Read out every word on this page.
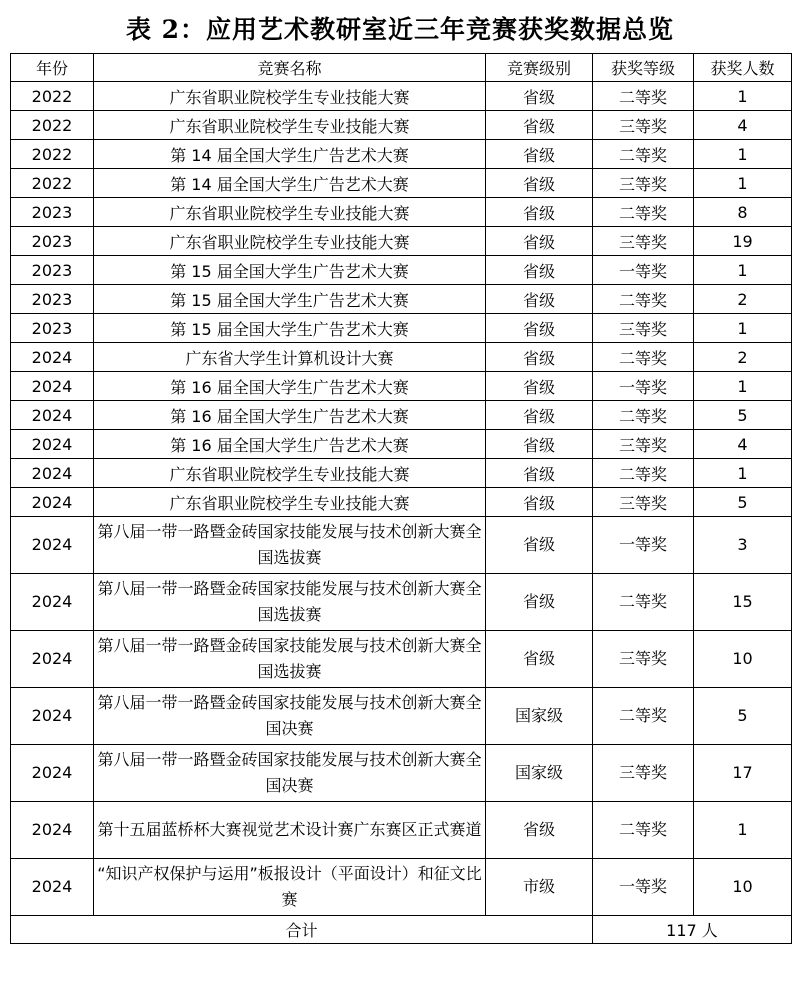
表 2：应用艺术教研室近三年竞赛获奖数据总览
年份	竞赛名称	竞赛级别	获奖等级	获奖人数
2022	广东省职业院校学生专业技能大赛	省级	二等奖	1
2022	广东省职业院校学生专业技能大赛	省级	三等奖	4
2022	第 14 届全国大学生广告艺术大赛	省级	二等奖	1
2022	第 14 届全国大学生广告艺术大赛	省级	三等奖	1
2023	广东省职业院校学生专业技能大赛	省级	二等奖	8
2023	广东省职业院校学生专业技能大赛	省级	三等奖	19
2023	第 15 届全国大学生广告艺术大赛	省级	一等奖	1
2023	第 15 届全国大学生广告艺术大赛	省级	二等奖	2
2023	第 15 届全国大学生广告艺术大赛	省级	三等奖	1
2024	广东省大学生计算机设计大赛	省级	二等奖	2
2024	第 16 届全国大学生广告艺术大赛	省级	一等奖	1
2024	第 16 届全国大学生广告艺术大赛	省级	二等奖	5
2024	第 16 届全国大学生广告艺术大赛	省级	三等奖	4
2024	广东省职业院校学生专业技能大赛	省级	二等奖	1
2024	广东省职业院校学生专业技能大赛	省级	三等奖	5
2024	第八届一带一路暨金砖国家技能发展与技术创新大赛全国选拔赛	省级	一等奖	3
2024	第八届一带一路暨金砖国家技能发展与技术创新大赛全国选拔赛	省级	二等奖	15
2024	第八届一带一路暨金砖国家技能发展与技术创新大赛全国选拔赛	省级	三等奖	10
2024	第八届一带一路暨金砖国家技能发展与技术创新大赛全国决赛	国家级	二等奖	5
2024	第八届一带一路暨金砖国家技能发展与技术创新大赛全国决赛	国家级	三等奖	17
2024	第十五届蓝桥杯大赛视觉艺术设计赛广东赛区正式赛道	省级	二等奖	1
2024	“知识产权保护与运用”板报设计（平面设计）和征文比赛	市级	一等奖	10
合计			117 人	
